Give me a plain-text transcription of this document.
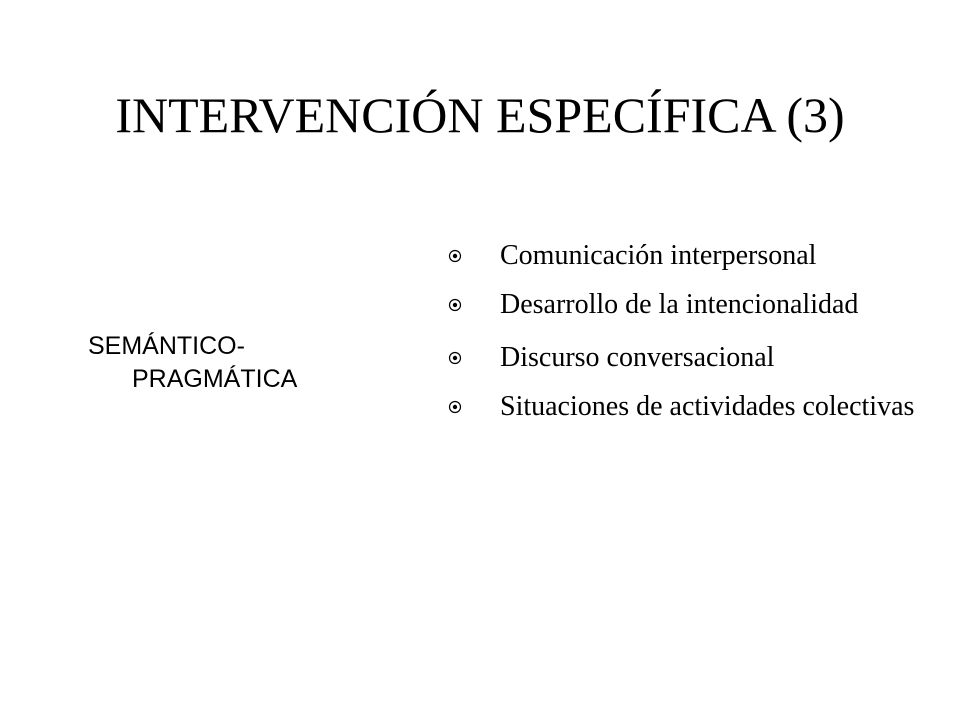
INTERVENCIÓN ESPECÍFICA (3)
SEMÁNTICO-
PRAGMÁTICA
Comunicación interpersonal
Desarrollo de la intencionalidad
Discurso conversacional
Situaciones de actividades colectivas
